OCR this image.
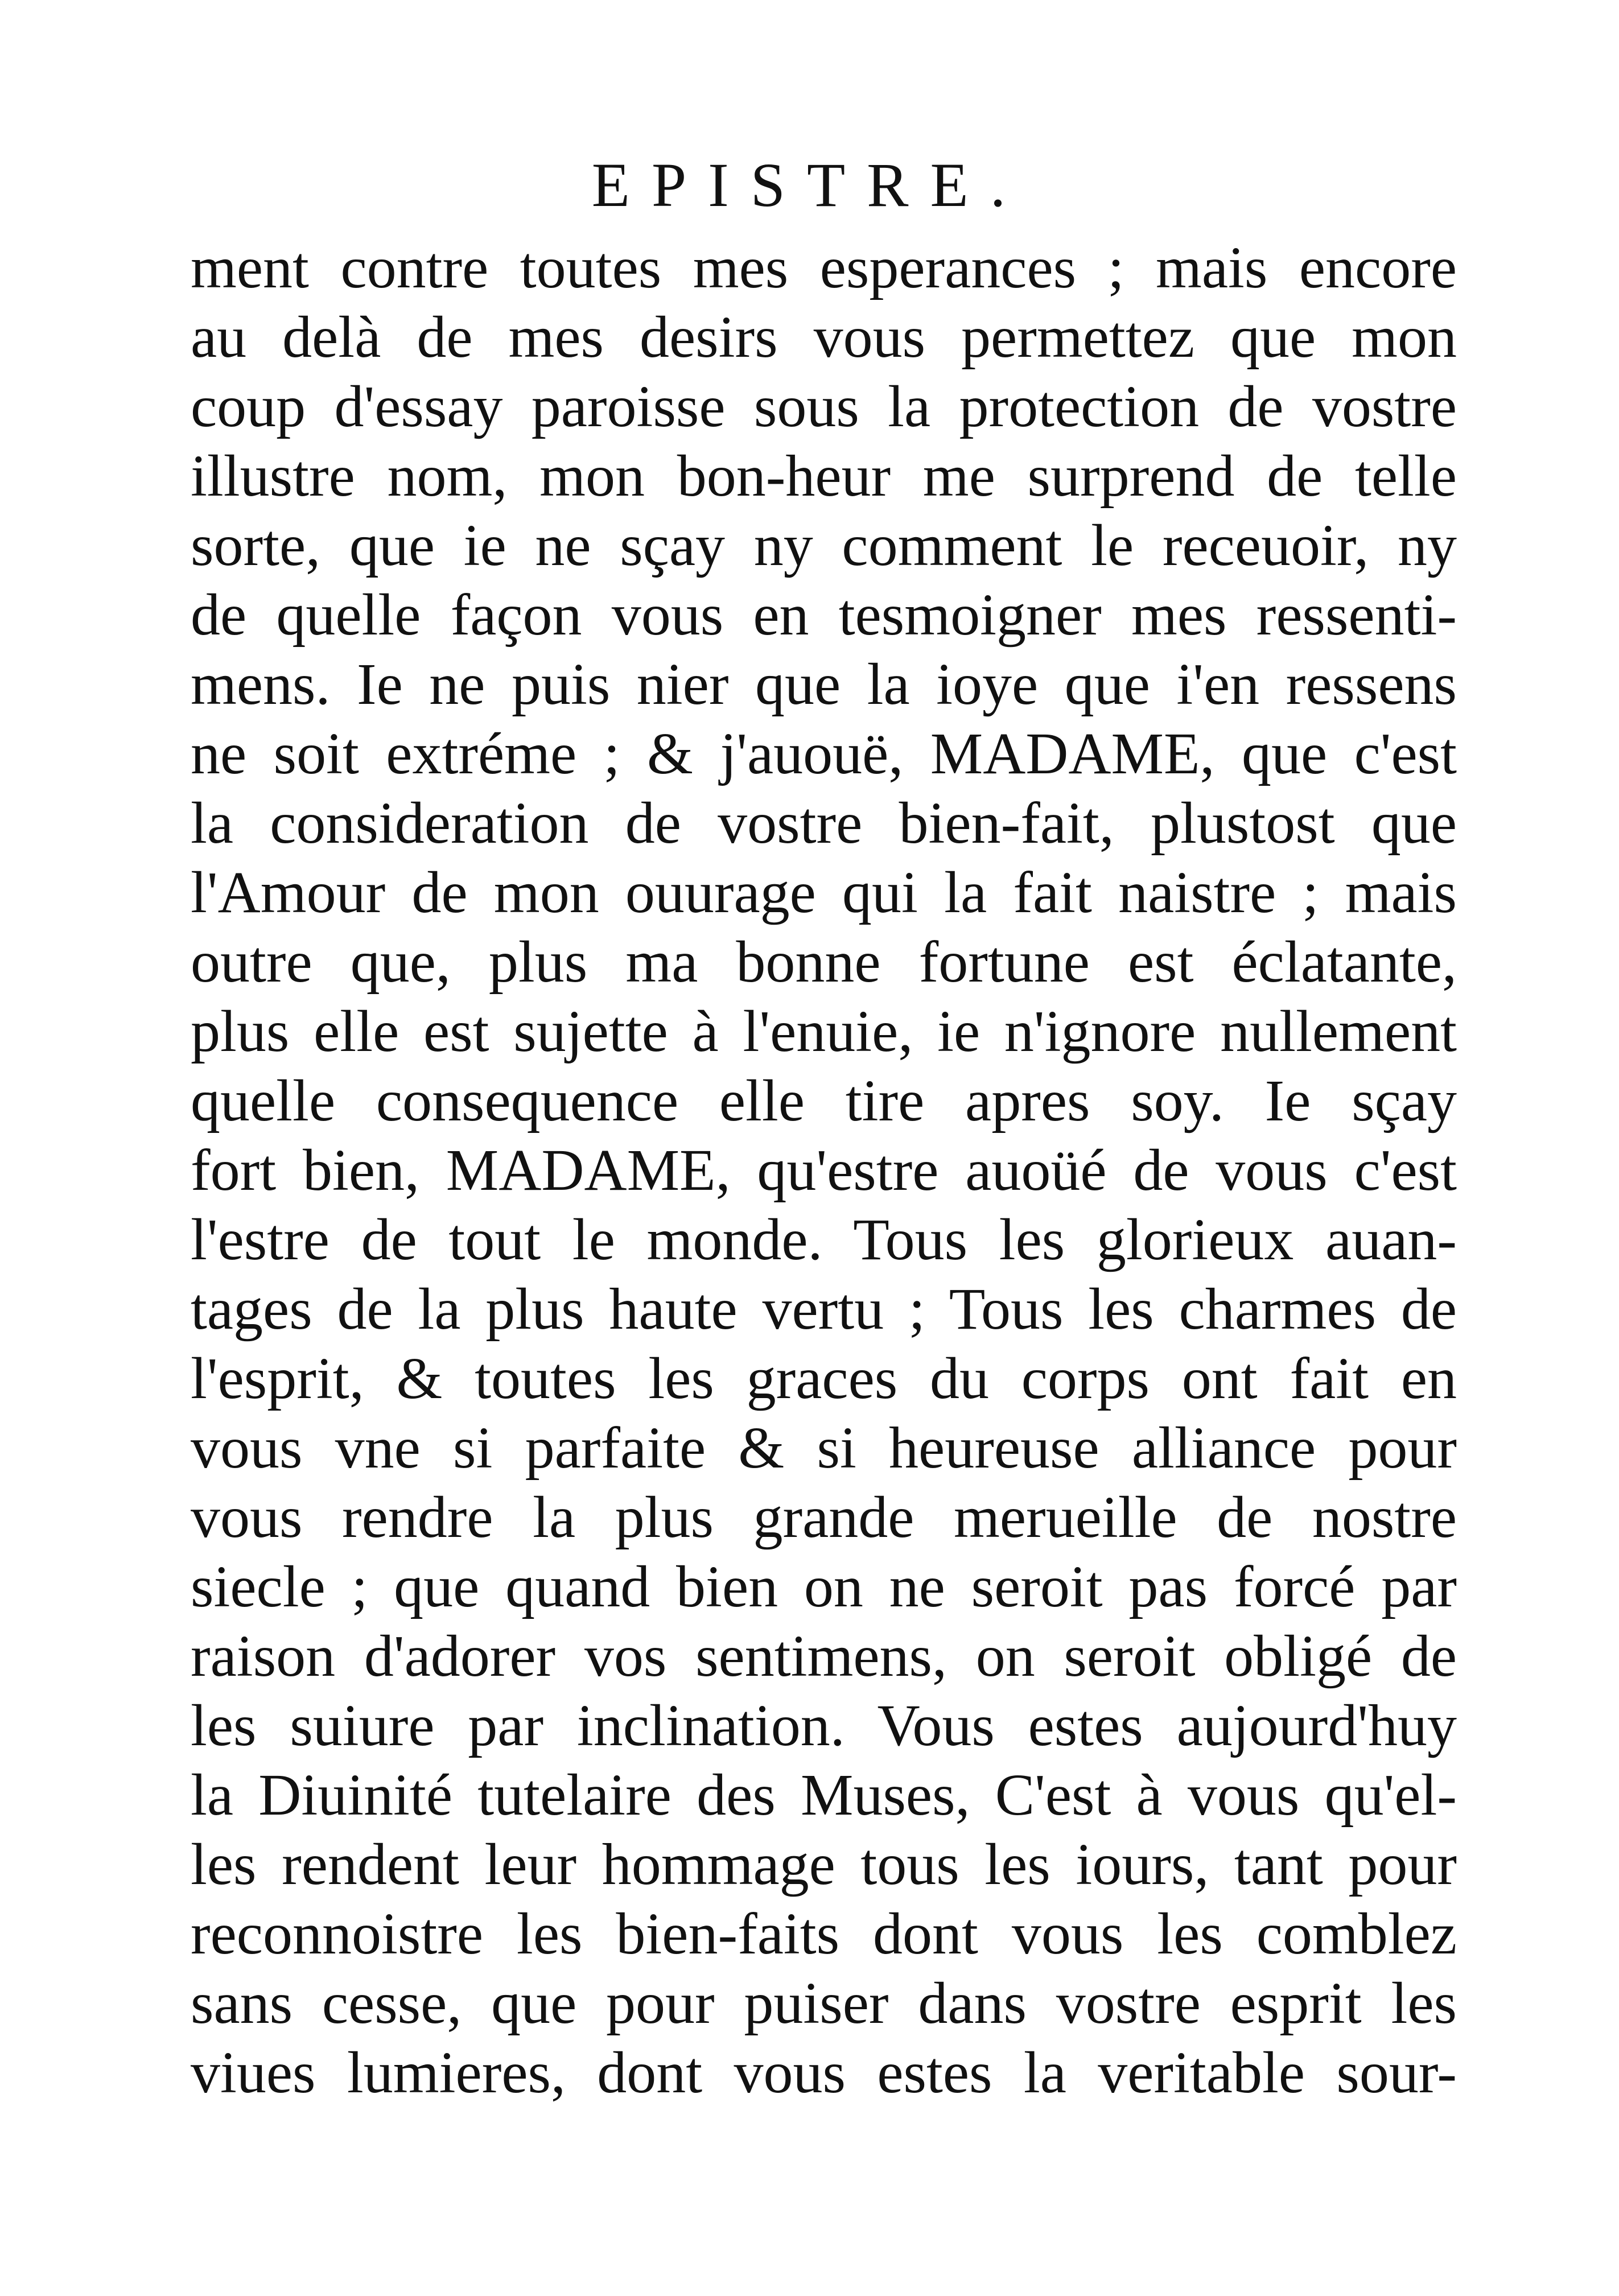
EPISTRE.
ment contre toutes mes esperances ; mais encore
au delà de mes desirs vous permettez que mon
coup d'essay paroisse sous la protection de vostre
illustre nom, mon bon-heur me surprend de telle
sorte, que ie ne sçay ny comment le receuoir, ny
de quelle façon vous en tesmoigner mes ressenti-
mens. Ie ne puis nier que la ioye que i'en ressens
ne soit extréme ; & j'auouë, MADAME, que c'est
la consideration de vostre bien-fait, plustost que
l'Amour de mon ouurage qui la fait naistre ; mais
outre que, plus ma bonne fortune est éclatante,
plus elle est sujette à l'enuie, ie n'ignore nullement
quelle consequence elle tire apres soy. Ie sçay
fort bien, MADAME, qu'estre auoüé de vous c'est
l'estre de tout le monde. Tous les glorieux auan-
tages de la plus haute vertu ; Tous les charmes de
l'esprit, & toutes les graces du corps ont fait en
vous vne si parfaite & si heureuse alliance pour
vous rendre la plus grande merueille de nostre
siecle ; que quand bien on ne seroit pas forcé par
raison d'adorer vos sentimens, on seroit obligé de
les suiure par inclination. Vous estes aujourd'huy
la Diuinité tutelaire des Muses, C'est à vous qu'el-
les rendent leur hommage tous les iours, tant pour
reconnoistre les bien-faits dont vous les comblez
sans cesse, que pour puiser dans vostre esprit les
viues lumieres, dont vous estes la veritable sour-
